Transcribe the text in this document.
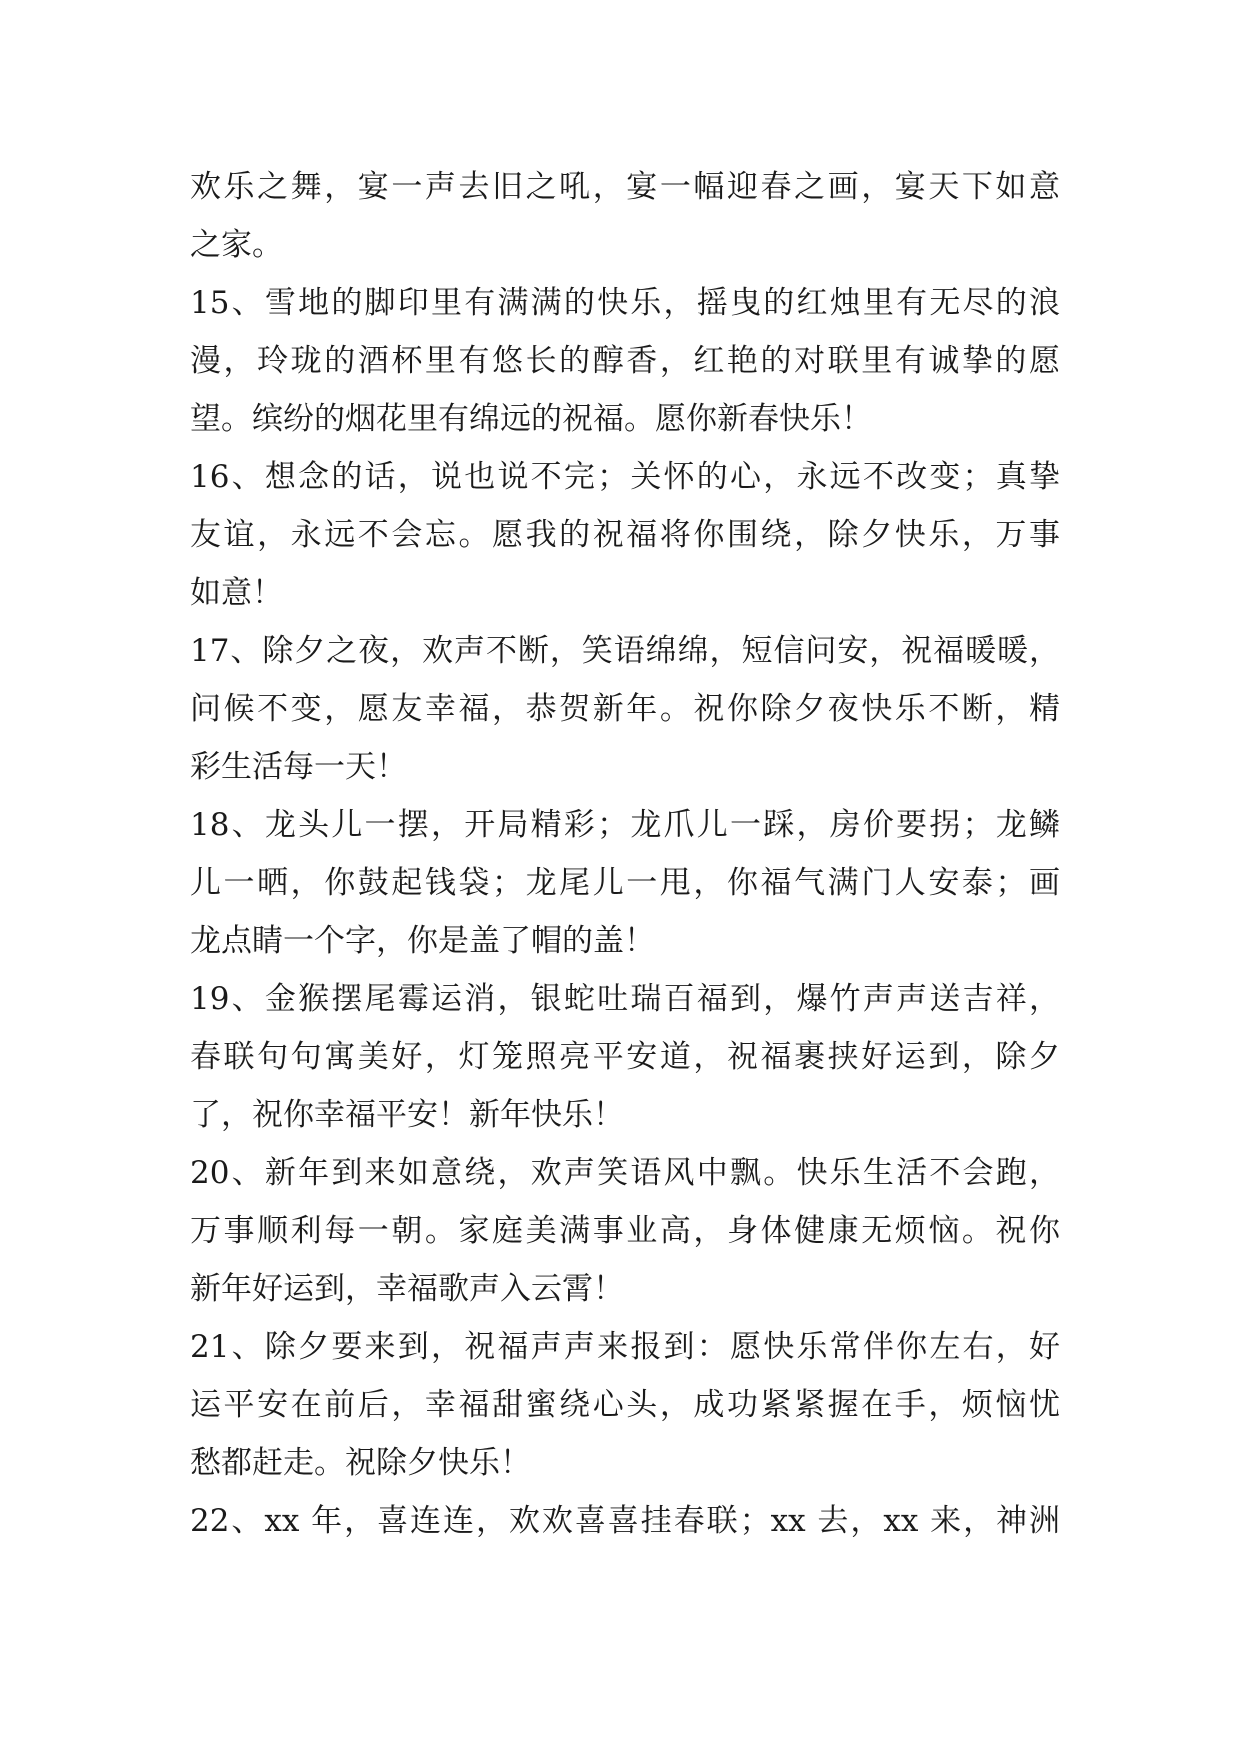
欢乐之舞，宴一声去旧之吼，宴一幅迎春之画，宴天下如意
之家。
15、雪地的脚印里有满满的快乐，摇曳的红烛里有无尽的浪
漫，玲珑的酒杯里有悠长的醇香，红艳的对联里有诚挚的愿
望。缤纷的烟花里有绵远的祝福。愿你新春快乐！
16、想念的话，说也说不完；关怀的心，永远不改变；真挚
友谊，永远不会忘。愿我的祝福将你围绕，除夕快乐，万事
如意！
17、除夕之夜，欢声不断，笑语绵绵，短信问安，祝福暖暖，
问候不变，愿友幸福，恭贺新年。祝你除夕夜快乐不断，精
彩生活每一天！
18、龙头儿一摆，开局精彩；龙爪儿一踩，房价要拐；龙鳞
儿一晒，你鼓起钱袋；龙尾儿一甩，你福气满门人安泰；画
龙点睛一个字，你是盖了帽的盖！
19、金猴摆尾霉运消，银蛇吐瑞百福到，爆竹声声送吉祥，
春联句句寓美好，灯笼照亮平安道，祝福裹挟好运到，除夕
了，祝你幸福平安！新年快乐！
20、新年到来如意绕，欢声笑语风中飘。快乐生活不会跑，
万事顺利每一朝。家庭美满事业高，身体健康无烦恼。祝你
新年好运到，幸福歌声入云霄！
21、除夕要来到，祝福声声来报到：愿快乐常伴你左右，好
运平安在前后，幸福甜蜜绕心头，成功紧紧握在手，烦恼忧
愁都赶走。祝除夕快乐！
22、xx 年，喜连连，欢欢喜喜挂春联；xx 去，xx 来，神洲
